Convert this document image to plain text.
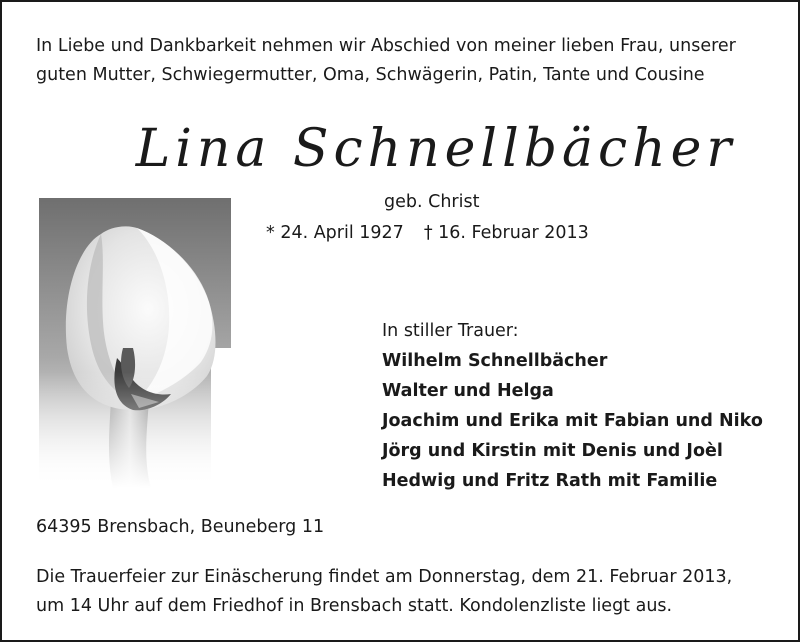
In Liebe und Dankbarkeit nehmen wir Abschied von meiner lieben Frau, unserer
guten Mutter, Schwiegermutter, Oma, Schwägerin, Patin, Tante und Cousine
Lina Schnellbächer
geb. Christ
* 24. April 1927 † 16. Februar 2013
In stiller Trauer:
Wilhelm Schnellbächer
Walter und Helga
Joachim und Erika mit Fabian und Niko
Jörg und Kirstin mit Denis und Joèl
Hedwig und Fritz Rath mit Familie
64395 Brensbach, Beuneberg 11
Die Trauerfeier zur Einäscherung findet am Donnerstag, dem 21. Februar 2013,
um 14 Uhr auf dem Friedhof in Brensbach statt. Kondolenzliste liegt aus.
